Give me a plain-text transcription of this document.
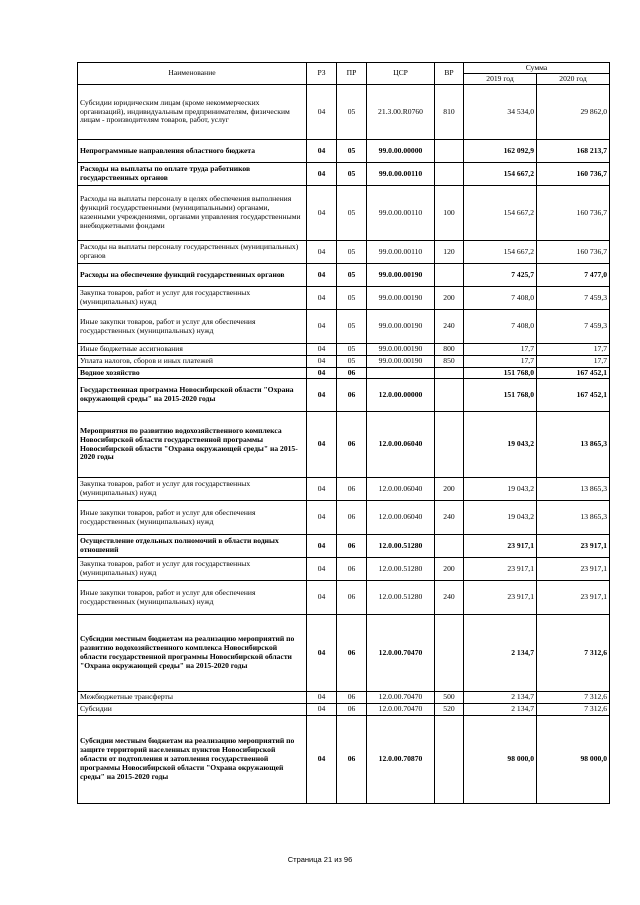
Наименование	РЗ	ПР	ЦСР	ВР	Сумма	
					2019 год	2020 год
Субсидии юридическим лицам (кроме некоммерческих организаций), индивидуальным предпринимателям, физическим лицам - производителям товаров, работ, услуг	04	05	21.3.00.R0760	810	34 534,0	29 862,0
Непрограммные направления областного бюджета	04	05	99.0.00.00000		162 092,9	168 213,7
Расходы на выплаты по оплате труда работников государственных органов	04	05	99.0.00.00110		154 667,2	160 736,7
Расходы на выплаты персоналу в целях обеспечения выполнения функций государственными (муниципальными) органами, казенными учреждениями, органами управления государственными внебюджетными фондами	04	05	99.0.00.00110	100	154 667,2	160 736,7
Расходы на выплаты персоналу государственных (муниципальных) органов	04	05	99.0.00.00110	120	154 667,2	160 736,7
Расходы на обеспечение функций государственных органов	04	05	99.0.00.00190		7 425,7	7 477,0
Закупка товаров, работ и услуг для государственных (муниципальных) нужд	04	05	99.0.00.00190	200	7 408,0	7 459,3
Иные закупки товаров, работ и услуг для обеспечения государственных (муниципальных) нужд	04	05	99.0.00.00190	240	7 408,0	7 459,3
Иные бюджетные ассигнования	04	05	99.0.00.00190	800	17,7	17,7
Уплата налогов, сборов и иных платежей	04	05	99.0.00.00190	850	17,7	17,7
Водное хозяйство	04	06			151 768,0	167 452,1
Государственная программа Новосибирской области "Охрана окружающей среды" на 2015-2020 годы	04	06	12.0.00.00000		151 768,0	167 452,1
Мероприятия по развитию водохозяйственного комплекса Новосибирской области государственной программы Новосибирской области "Охрана окружающей среды" на 2015-2020 годы	04	06	12.0.00.06040		19 043,2	13 865,3
Закупка товаров, работ и услуг для государственных (муниципальных) нужд	04	06	12.0.00.06040	200	19 043,2	13 865,3
Иные закупки товаров, работ и услуг для обеспечения государственных (муниципальных) нужд	04	06	12.0.00.06040	240	19 043,2	13 865,3
Осуществление отдельных полномочий в области водных отношений	04	06	12.0.00.51280		23 917,1	23 917,1
Закупка товаров, работ и услуг для государственных (муниципальных) нужд	04	06	12.0.00.51280	200	23 917,1	23 917,1
Иные закупки товаров, работ и услуг для обеспечения государственных (муниципальных) нужд	04	06	12.0.00.51280	240	23 917,1	23 917,1
Субсидии местным бюджетам на реализацию мероприятий по развитию водохозяйственного комплекса Новосибирской области государственной программы Новосибирской области "Охрана окружающей среды" на 2015-2020 годы	04	06	12.0.00.70470		2 134,7	7 312,6
Межбюджетные трансферты	04	06	12.0.00.70470	500	2 134,7	7 312,6
Субсидии	04	06	12.0.00.70470	520	2 134,7	7 312,6
Субсидии местным бюджетам на реализацию мероприятий по защите территорий населенных пунктов Новосибирской области от подтопления и затопления государственной программы Новосибирской области "Охрана окружающей среды" на 2015-2020 годы	04	06	12.0.00.70870		98 000,0	98 000,0
Страница 21 из 96
